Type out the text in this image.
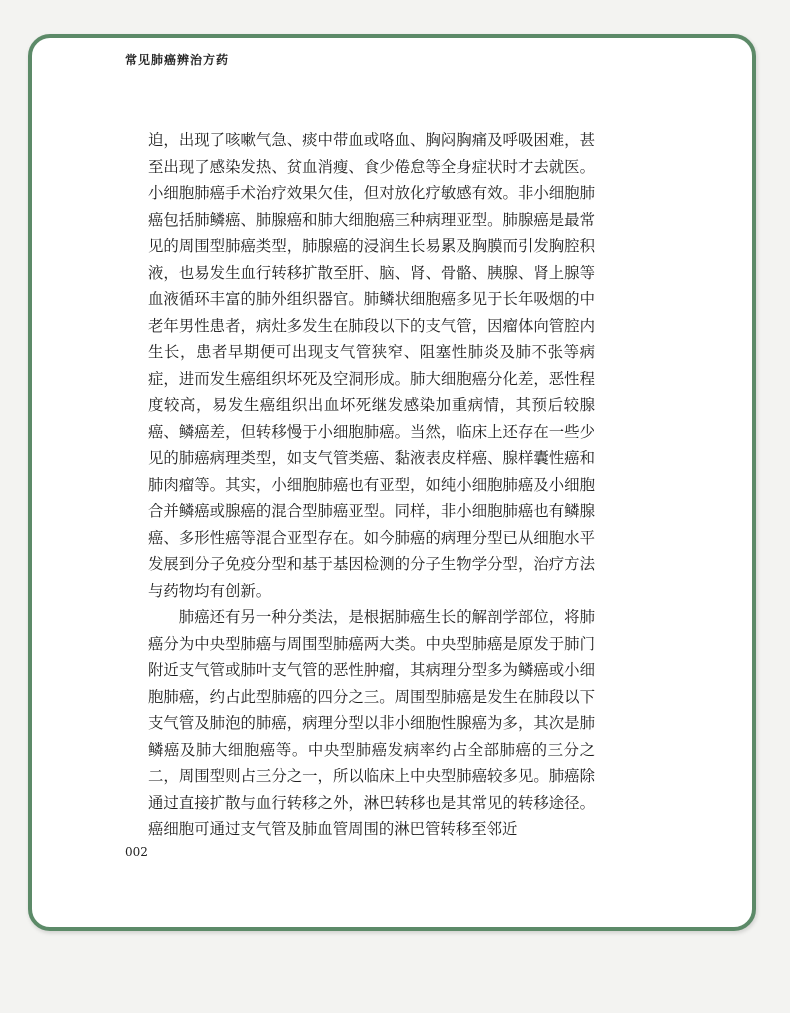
常见肺癌辨治方药

迫，出现了咳嗽气急、痰中带血或咯血、胸闷胸痛及呼吸困难，甚至出现了感染发热、贫血消瘦、食少倦怠等全身症状时才去就医。小细胞肺癌手术治疗效果欠佳，但对放化疗敏感有效。非小细胞肺癌包括肺鳞癌、肺腺癌和肺大细胞癌三种病理亚型。肺腺癌是最常见的周围型肺癌类型，肺腺癌的浸润生长易累及胸膜而引发胸腔积液，也易发生血行转移扩散至肝、脑、肾、骨骼、胰腺、肾上腺等血液循环丰富的肺外组织器官。肺鳞状细胞癌多见于长年吸烟的中老年男性患者，病灶多发生在肺段以下的支气管，因瘤体向管腔内生长，患者早期便可出现支气管狭窄、阻塞性肺炎及肺不张等病症，进而发生癌组织坏死及空洞形成。肺大细胞癌分化差，恶性程度较高，易发生癌组织出血坏死继发感染加重病情，其预后较腺癌、鳞癌差，但转移慢于小细胞肺癌。当然，临床上还存在一些少见的肺癌病理类型，如支气管类癌、黏液表皮样癌、腺样囊性癌和肺肉瘤等。其实，小细胞肺癌也有亚型，如纯小细胞肺癌及小细胞合并鳞癌或腺癌的混合型肺癌亚型。同样，非小细胞肺癌也有鳞腺癌、多形性癌等混合亚型存在。如今肺癌的病理分型已从细胞水平发展到分子免疫分型和基于基因检测的分子生物学分型，治疗方法与药物均有创新。

肺癌还有另一种分类法，是根据肺癌生长的解剖学部位，将肺癌分为中央型肺癌与周围型肺癌两大类。中央型肺癌是原发于肺门附近支气管或肺叶支气管的恶性肿瘤，其病理分型多为鳞癌或小细胞肺癌，约占此型肺癌的四分之三。周围型肺癌是发生在肺段以下支气管及肺泡的肺癌，病理分型以非小细胞性腺癌为多，其次是肺鳞癌及肺大细胞癌等。中央型肺癌发病率约占全部肺癌的三分之二，周围型则占三分之一，所以临床上中央型肺癌较多见。肺癌除通过直接扩散与血行转移之外，淋巴转移也是其常见的转移途径。癌细胞可通过支气管及肺血管周围的淋巴管转移至邻近

002
